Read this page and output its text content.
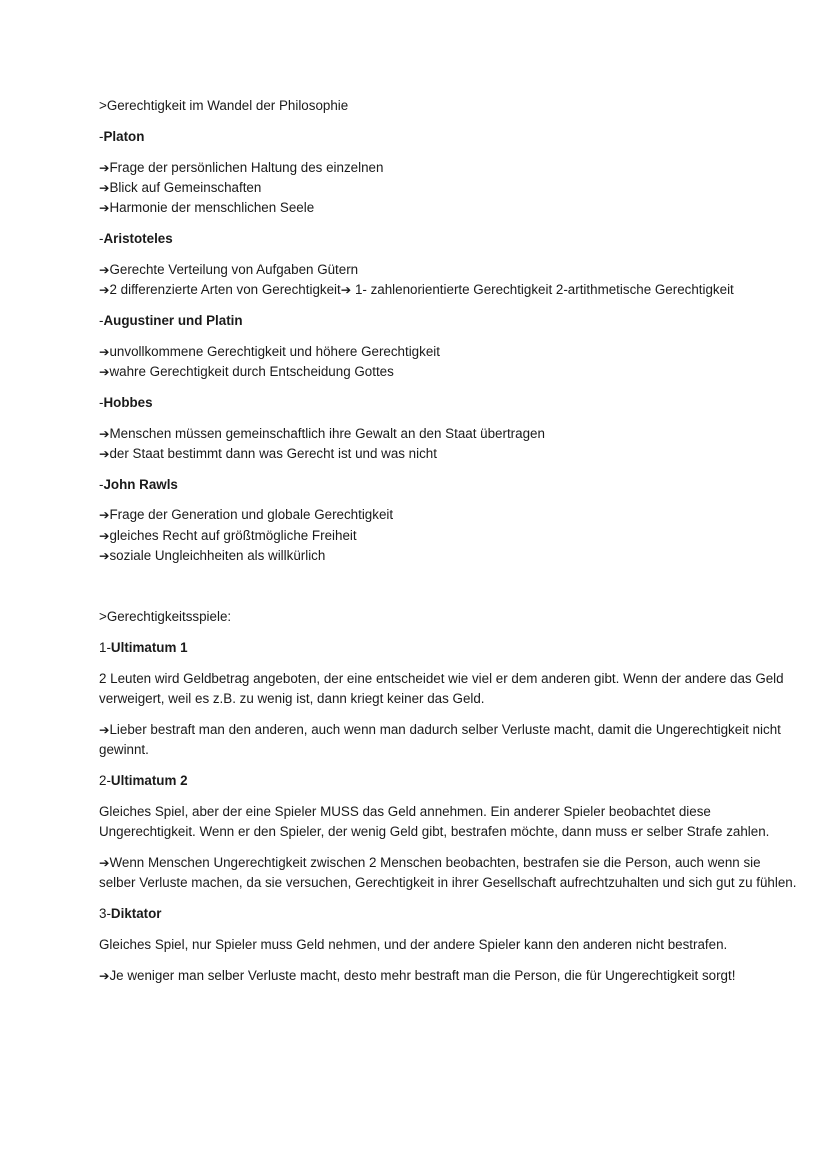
>Gerechtigkeit im Wandel der Philosophie

-Platon

➔Frage der persönlichen Haltung des einzelnen

➔Blick auf Gemeinschaften

➔Harmonie der menschlichen Seele

-Aristoteles

➔Gerechte Verteilung von Aufgaben Gütern

➔2 differenzierte Arten von Gerechtigkeit➔ 1- zahlenorientierte Gerechtigkeit 2-artithmetische Gerechtigkeit

-Augustiner und Platin

➔unvollkommene Gerechtigkeit und höhere Gerechtigkeit

➔wahre Gerechtigkeit durch Entscheidung Gottes

-Hobbes

➔Menschen müssen gemeinschaftlich ihre Gewalt an den Staat übertragen

➔der Staat bestimmt dann was Gerecht ist und was nicht

-John Rawls

➔Frage der Generation und globale Gerechtigkeit

➔gleiches Recht auf größtmögliche Freiheit

➔soziale Ungleichheiten als willkürlich

>Gerechtigkeitsspiele:

1-Ultimatum 1

2 Leuten wird Geldbetrag angeboten, der eine entscheidet wie viel er dem anderen gibt. Wenn der andere das Geld verweigert, weil es z.B. zu wenig ist, dann kriegt keiner das Geld.

➔Lieber bestraft man den anderen, auch wenn man dadurch selber Verluste macht, damit die Ungerechtigkeit nicht gewinnt.

2-Ultimatum 2

Gleiches Spiel, aber der eine Spieler MUSS das Geld annehmen. Ein anderer Spieler beobachtet diese Ungerechtigkeit. Wenn er den Spieler, der wenig Geld gibt, bestrafen möchte, dann muss er selber Strafe zahlen.

➔Wenn Menschen Ungerechtigkeit zwischen 2 Menschen beobachten, bestrafen sie die Person, auch wenn sie selber Verluste machen, da sie versuchen, Gerechtigkeit in ihrer Gesellschaft aufrechtzuhalten und sich gut zu fühlen.

3-Diktator

Gleiches Spiel, nur Spieler muss Geld nehmen, und der andere Spieler kann den anderen nicht bestrafen.

➔Je weniger man selber Verluste macht, desto mehr bestraft man die Person, die für Ungerechtigkeit sorgt!
